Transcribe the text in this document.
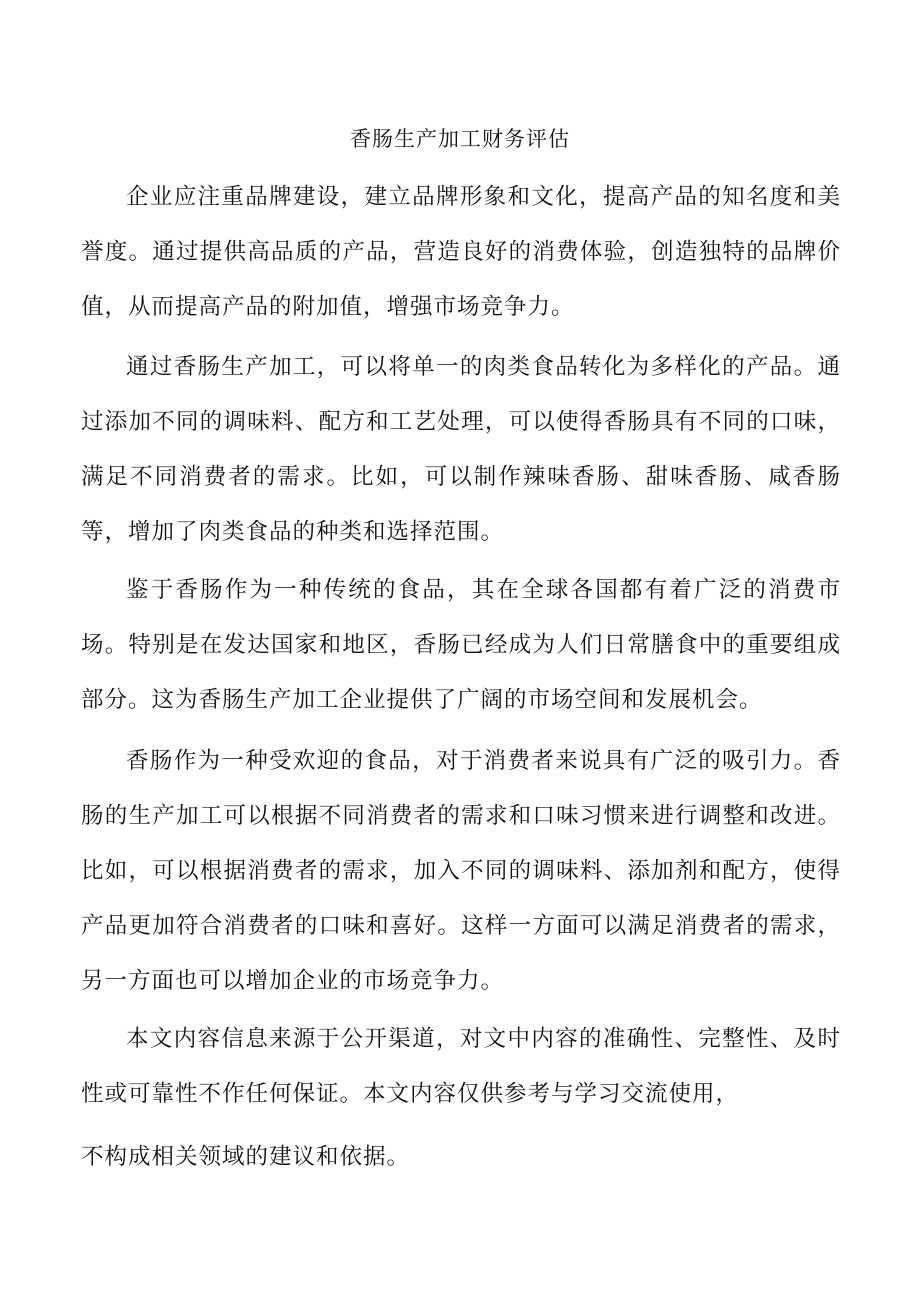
香肠生产加工财务评估

企业应注重品牌建设，建立品牌形象和文化，提高产品的知名度和美誉度。通过提供高品质的产品，营造良好的消费体验，创造独特的品牌价值，从而提高产品的附加值，增强市场竞争力。

通过香肠生产加工，可以将单一的肉类食品转化为多样化的产品。通过添加不同的调味料、配方和工艺处理，可以使得香肠具有不同的口味，满足不同消费者的需求。比如，可以制作辣味香肠、甜味香肠、咸香肠等，增加了肉类食品的种类和选择范围。

鉴于香肠作为一种传统的食品，其在全球各国都有着广泛的消费市场。特别是在发达国家和地区，香肠已经成为人们日常膳食中的重要组成部分。这为香肠生产加工企业提供了广阔的市场空间和发展机会。

香肠作为一种受欢迎的食品，对于消费者来说具有广泛的吸引力。香肠的生产加工可以根据不同消费者的需求和口味习惯来进行调整和改进。比如，可以根据消费者的需求，加入不同的调味料、添加剂和配方，使得产品更加符合消费者的口味和喜好。这样一方面可以满足消费者的需求，另一方面也可以增加企业的市场竞争力。

本文内容信息来源于公开渠道，对文中内容的准确性、完整性、及时性或可靠性不作任何保证。本文内容仅供参考与学习交流使用，

不构成相关领域的建议和依据。
